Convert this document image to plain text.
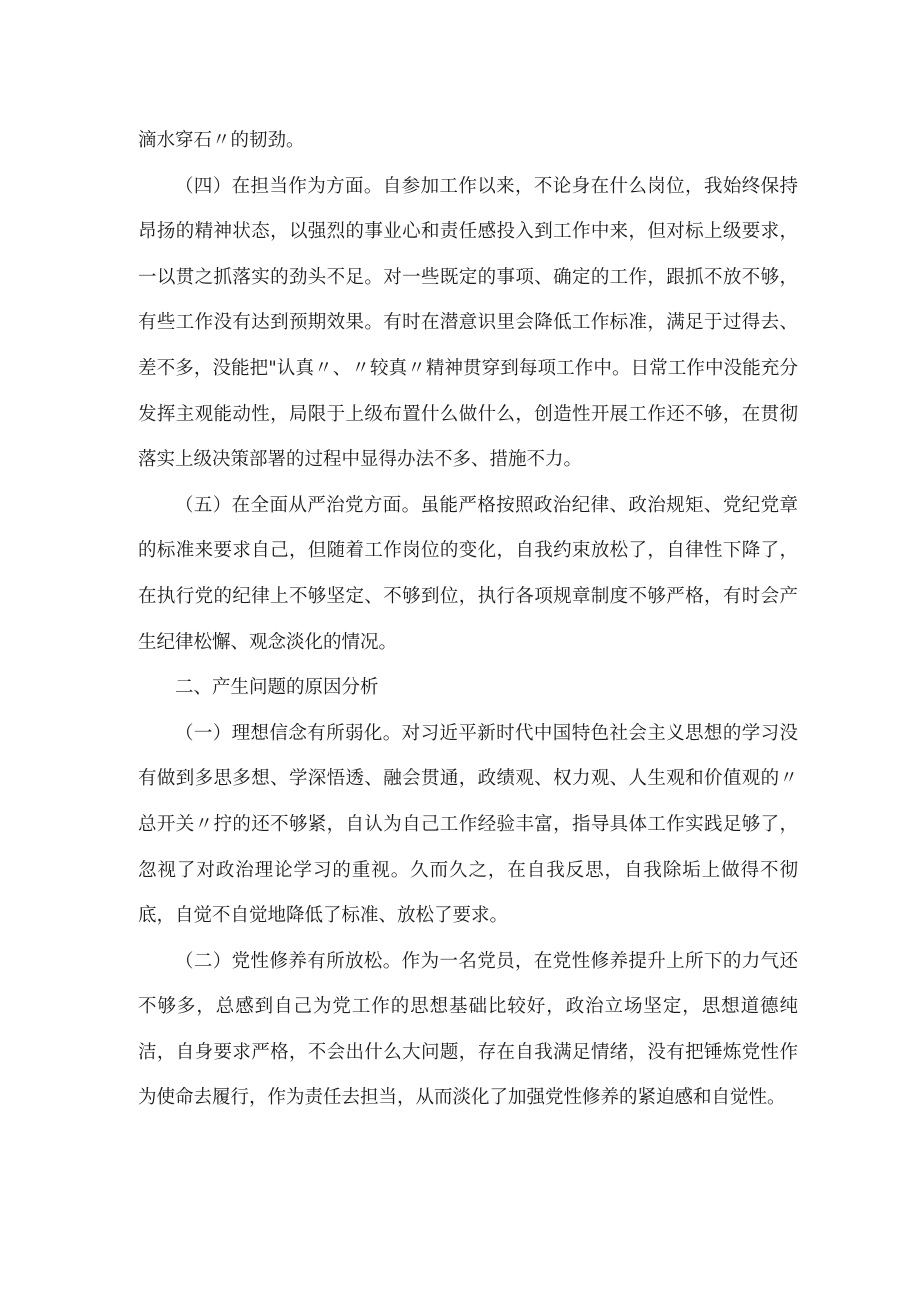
滴水穿石〃的韧劲。

（四）在担当作为方面。自参加工作以来，不论身在什么岗位，我始终保持昂扬的精神状态，以强烈的事业心和责任感投入到工作中来，但对标上级要求，一以贯之抓落实的劲头不足。对一些既定的事项、确定的工作，跟抓不放不够，有些工作没有达到预期效果。有时在潜意识里会降低工作标准，满足于过得去、差不多，没能把"认真〃、〃较真〃精神贯穿到每项工作中。日常工作中没能充分发挥主观能动性，局限于上级布置什么做什么，创造性开展工作还不够，在贯彻落实上级决策部署的过程中显得办法不多、措施不力。

（五）在全面从严治党方面。虽能严格按照政治纪律、政治规矩、党纪党章的标准来要求自己，但随着工作岗位的变化，自我约束放松了，自律性下降了，在执行党的纪律上不够坚定、不够到位，执行各项规章制度不够严格，有时会产生纪律松懈、观念淡化的情况。

二、产生问题的原因分析

（一）理想信念有所弱化。对习近平新时代中国特色社会主义思想的学习没有做到多思多想、学深悟透、融会贯通，政绩观、权力观、人生观和价值观的〃总开关〃拧的还不够紧，自认为自己工作经验丰富，指导具体工作实践足够了，忽视了对政治理论学习的重视。久而久之，在自我反思，自我除垢上做得不彻底，自觉不自觉地降低了标准、放松了要求。

（二）党性修养有所放松。作为一名党员，在党性修养提升上所下的力气还不够多，总感到自己为党工作的思想基础比较好，政治立场坚定，思想道德纯洁，自身要求严格，不会出什么大问题，存在自我满足情绪，没有把锤炼党性作为使命去履行，作为责任去担当，从而淡化了加强党性修养的紧迫感和自觉性。
